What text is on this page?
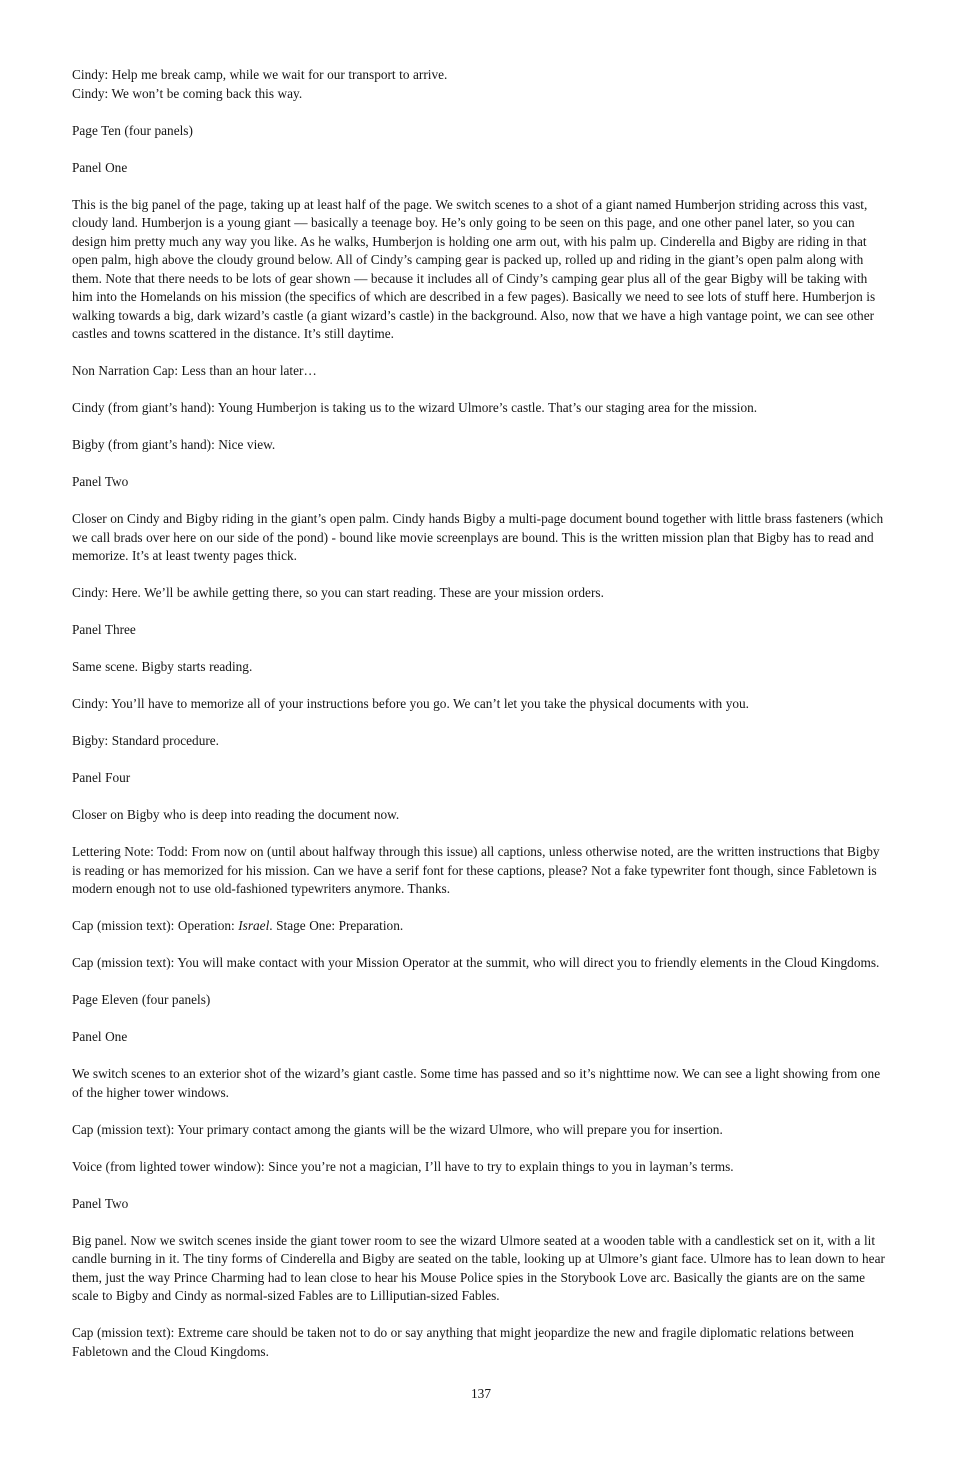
Cindy: Help me break camp, while we wait for our transport to arrive.
Cindy: We won’t be coming back this way.

Page Ten (four panels)

Panel One

This is the big panel of the page, taking up at least half of the page. We switch scenes to a shot of a giant named Humberjon striding across this vast, cloudy land. Humberjon is a young giant — basically a teenage boy. He’s only going to be seen on this page, and one other panel later, so you can design him pretty much any way you like. As he walks, Humberjon is holding one arm out, with his palm up. Cinderella and Bigby are riding in that open palm, high above the cloudy ground below. All of Cindy’s camping gear is packed up, rolled up and riding in the giant’s open palm along with them. Note that there needs to be lots of gear shown — because it includes all of Cindy’s camping gear plus all of the gear Bigby will be taking with him into the Homelands on his mission (the specifics of which are described in a few pages). Basically we need to see lots of stuff here. Humberjon is walking towards a big, dark wizard’s castle (a giant wizard’s castle) in the background. Also, now that we have a high vantage point, we can see other castles and towns scattered in the distance. It’s still daytime.

Non Narration Cap: Less than an hour later…

Cindy (from giant’s hand): Young Humberjon is taking us to the wizard Ulmore’s castle. That’s our staging area for the mission.

Bigby (from giant’s hand): Nice view.

Panel Two

Closer on Cindy and Bigby riding in the giant’s open palm. Cindy hands Bigby a multi-page document bound together with little brass fasteners (which we call brads over here on our side of the pond) - bound like movie screenplays are bound. This is the written mission plan that Bigby has to read and memorize. It’s at least twenty pages thick.

Cindy: Here. We’ll be awhile getting there, so you can start reading. These are your mission orders.

Panel Three

Same scene. Bigby starts reading.

Cindy: You’ll have to memorize all of your instructions before you go. We can’t let you take the physical documents with you.

Bigby: Standard procedure.

Panel Four

Closer on Bigby who is deep into reading the document now.

Lettering Note: Todd: From now on (until about halfway through this issue) all captions, unless otherwise noted, are the written instructions that Bigby is reading or has memorized for his mission. Can we have a serif font for these captions, please? Not a fake typewriter font though, since Fabletown is modern enough not to use old-fashioned typewriters anymore. Thanks.

Cap (mission text): Operation: Israel. Stage One: Preparation.

Cap (mission text): You will make contact with your Mission Operator at the summit, who will direct you to friendly elements in the Cloud Kingdoms.

Page Eleven (four panels)

Panel One

We switch scenes to an exterior shot of the wizard’s giant castle. Some time has passed and so it’s nighttime now. We can see a light showing from one of the higher tower windows.

Cap (mission text): Your primary contact among the giants will be the wizard Ulmore, who will prepare you for insertion.

Voice (from lighted tower window): Since you’re not a magician, I’ll have to try to explain things to you in layman’s terms.

Panel Two

Big panel. Now we switch scenes inside the giant tower room to see the wizard Ulmore seated at a wooden table with a candlestick set on it, with a lit candle burning in it. The tiny forms of Cinderella and Bigby are seated on the table, looking up at Ulmore’s giant face. Ulmore has to lean down to hear them, just the way Prince Charming had to lean close to hear his Mouse Police spies in the Storybook Love arc. Basically the giants are on the same scale to Bigby and Cindy as normal-sized Fables are to Lilliputian-sized Fables.

Cap (mission text): Extreme care should be taken not to do or say anything that might jeopardize the new and fragile diplomatic relations between Fabletown and the Cloud Kingdoms.

137
